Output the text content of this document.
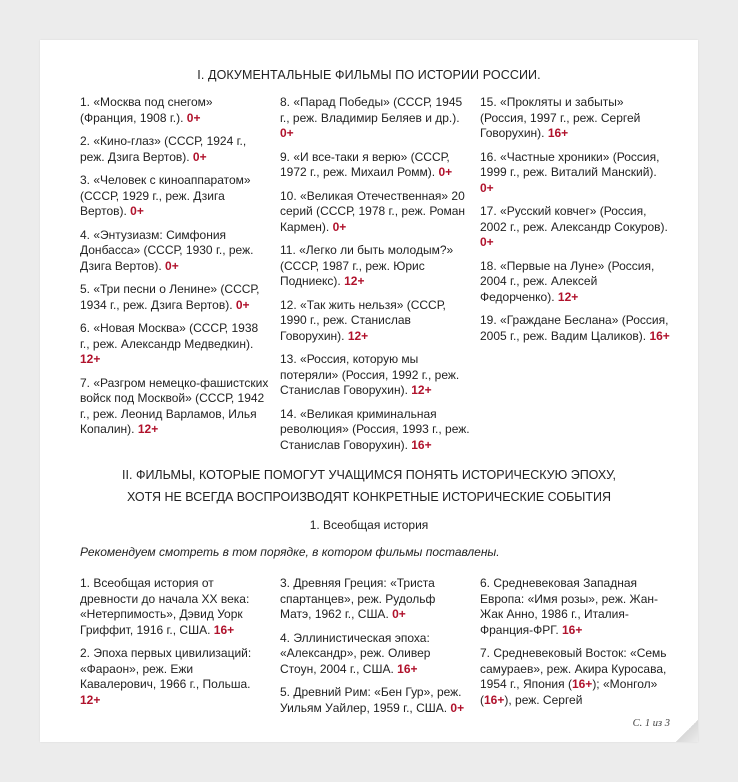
I. ДОКУМЕНТАЛЬНЫЕ ФИЛЬМЫ ПО ИСТОРИИ РОССИИ.
1. «Москва под снегом» (Франция, 1908 г.). 0+
2. «Кино-глаз» (СССР, 1924 г., реж. Дзига Вертов). 0+
3. «Человек с киноаппаратом» (СССР, 1929 г., реж. Дзига Вертов). 0+
4. «Энтузиазм: Симфония Донбасса» (СССР, 1930 г., реж. Дзига Вертов). 0+
5. «Три песни о Ленине» (СССР, 1934 г., реж. Дзига Вертов). 0+
6. «Новая Москва» (СССР, 1938 г., реж. Александр Медведкин). 12+
7. «Разгром немецко-фашистских войск под Москвой» (СССР, 1942 г., реж. Леонид Варламов, Илья Копалин). 12+
8. «Парад Победы» (СССР, 1945 г., реж. Владимир Беляев и др.). 0+
9. «И все-таки я верю» (СССР, 1972 г., реж. Михаил Ромм). 0+
10. «Великая Отечественная» 20 серий (СССР, 1978 г., реж. Роман Кармен). 0+
11. «Легко ли быть молодым?» (СССР, 1987 г., реж. Юрис Подниекс). 12+
12. «Так жить нельзя» (СССР, 1990 г., реж. Станислав Говорухин). 12+
13. «Россия, которую мы потеряли» (Россия, 1992 г., реж. Станислав Говорухин). 12+
14. «Великая криминальная революция» (Россия, 1993 г., реж. Станислав Говорухин). 16+
15. «Прокляты и забыты» (Россия, 1997 г., реж. Сергей Говорухин). 16+
16. «Частные хроники» (Россия, 1999 г., реж. Виталий Манский). 0+
17. «Русский ковчег» (Россия, 2002 г., реж. Александр Сокуров). 0+
18. «Первые на Луне» (Россия, 2004 г., реж. Алексей Федорченко). 12+
19. «Граждане Беслана» (Россия, 2005 г., реж. Вадим Цаликов). 16+
II. ФИЛЬМЫ, КОТОРЫЕ ПОМОГУТ УЧАЩИМСЯ ПОНЯТЬ ИСТОРИЧЕСКУЮ ЭПОХУ,
ХОТЯ НЕ ВСЕГДА ВОСПРОИЗВОДЯТ КОНКРЕТНЫЕ ИСТОРИЧЕСКИЕ СОБЫТИЯ
1. Всеобщая история
Рекомендуем смотреть в том порядке, в котором фильмы поставлены.
1. Всеобщая история от древности до начала XX века: «Нетерпимость», Дэвид Уорк Гриффит, 1916 г., США. 16+
2. Эпоха первых цивилизаций: «Фараон», реж. Ежи Кавалерович, 1966 г., Польша. 12+
3. Древняя Греция: «Триста спартанцев», реж. Рудольф Матэ, 1962 г., США. 0+
4. Эллинистическая эпоха: «Александр», реж. Оливер Стоун, 2004 г., США. 16+
5. Древний Рим: «Бен Гур», реж. Уильям Уайлер, 1959 г., США. 0+
6. Средневековая Западная Европа: «Имя розы», реж. Жан-Жак Анно, 1986 г., Италия-Франция-ФРГ. 16+
7. Средневековый Восток: «Семь самураев», реж. Акира Куросава, 1954 г., Япония (16+); «Монгол» (16+), реж. Сергей
С. 1 из 3
